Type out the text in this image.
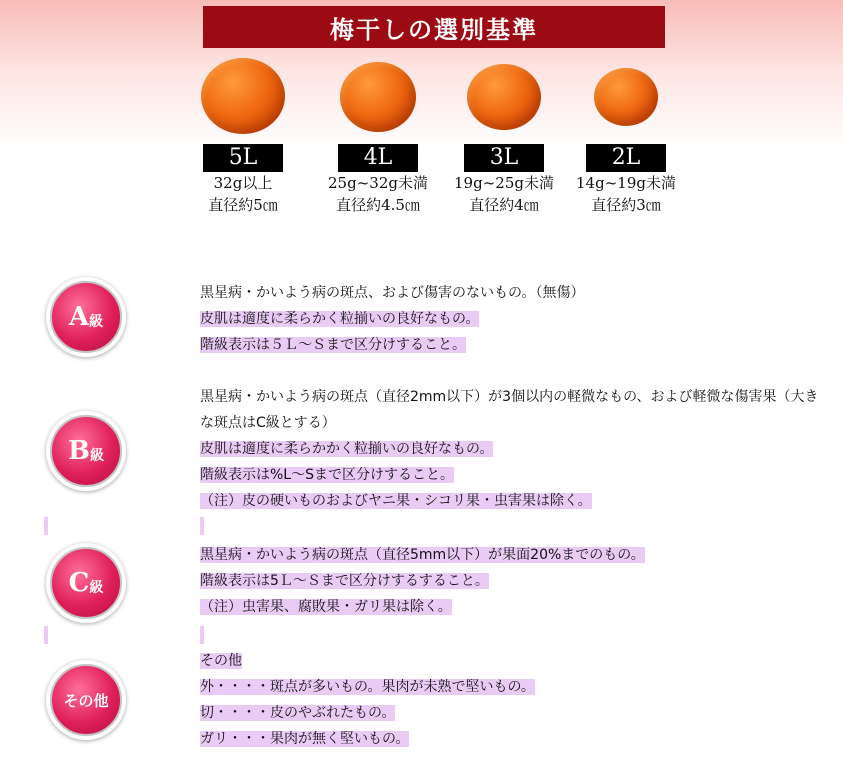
梅干しの選別基準
5L
32g以上
直径約5㎝
4L
25g~32g未満
直径約4.5㎝
3L
19g~25g未満
直径約4㎝
2L
14g~19g未満
直径約3㎝
A 級
黒星病・かいよう病の斑点、および傷害のないもの。（無傷）
皮肌は適度に柔らかく粒揃いの良好なもの。
階級表示は５Ｌ～Ｓまで区分けすること。
B 級
黒星病・かいよう病の斑点（直径2mm以下）が3個以内の軽微なもの、および軽微な傷害果（大きな斑点はC級とする）
皮肌は適度に柔らかかく粒揃いの良好なもの。
階級表示は%L～Sまで区分けすること。
（注）皮の硬いものおよびヤニ果・シコリ果・虫害果は除く。
C 級
黒星病・かいよう病の斑点（直径5mm以下）が果面20%までのもの。
階級表示は5Ｌ～Ｓまで区分けするすること。
（注）虫害果、腐敗果・ガリ果は除く。
その他
その他
外・・・・斑点が多いもの。果肉が未熟で堅いもの。
切・・・・皮のやぶれたもの。
ガリ・・・果肉が無く堅いもの。
